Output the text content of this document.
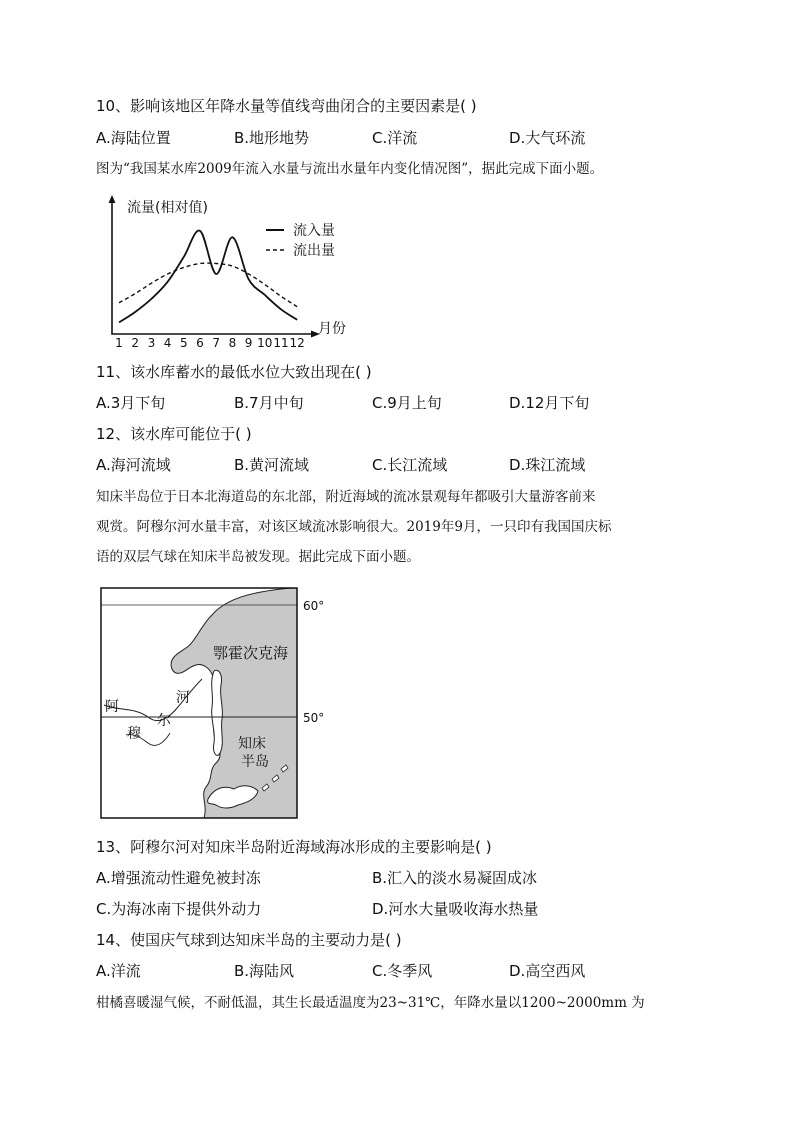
10、影响该地区年降水量等值线弯曲闭合的主要因素是( )
A.海陆位置	B.地形地势	C.洋流	D.大气环流
图为“我国某水库2009年流入水量与流出水量年内变化情况图”，据此完成下面小题。
流量(相对值)
月份
流入量
流出量
1 2 3 4 5 6 7 8 9 10 11 12
11、该水库蓄水的最低水位大致出现在( )
A.3月下旬	B.7月中旬	C.9月上旬	D.12月下旬
12、该水库可能位于( )
A.海河流域	B.黄河流域	C.长江流域	D.珠江流域
知床半岛位于日本北海道岛的东北部，附近海域的流冰景观每年都吸引大量游客前来
观赏。阿穆尔河水量丰富，对该区域流冰影响很大。2019年9月，一只印有我国国庆标
语的双层气球在知床半岛被发现。据此完成下面小题。
60°
50°
鄂霍次克海
阿
穆
尔
河
知床
半岛
13、阿穆尔河对知床半岛附近海域海冰形成的主要影响是( )
A.增强流动性避免被封冻	B.汇入的淡水易凝固成冰
C.为海冰南下提供外动力	D.河水大量吸收海水热量
14、使国庆气球到达知床半岛的主要动力是( )
A.洋流	B.海陆风	C.冬季风	D.高空西风
柑橘喜暖湿气候，不耐低温，其生长最适温度为23~31℃，年降水量以1200~2000mm 为
